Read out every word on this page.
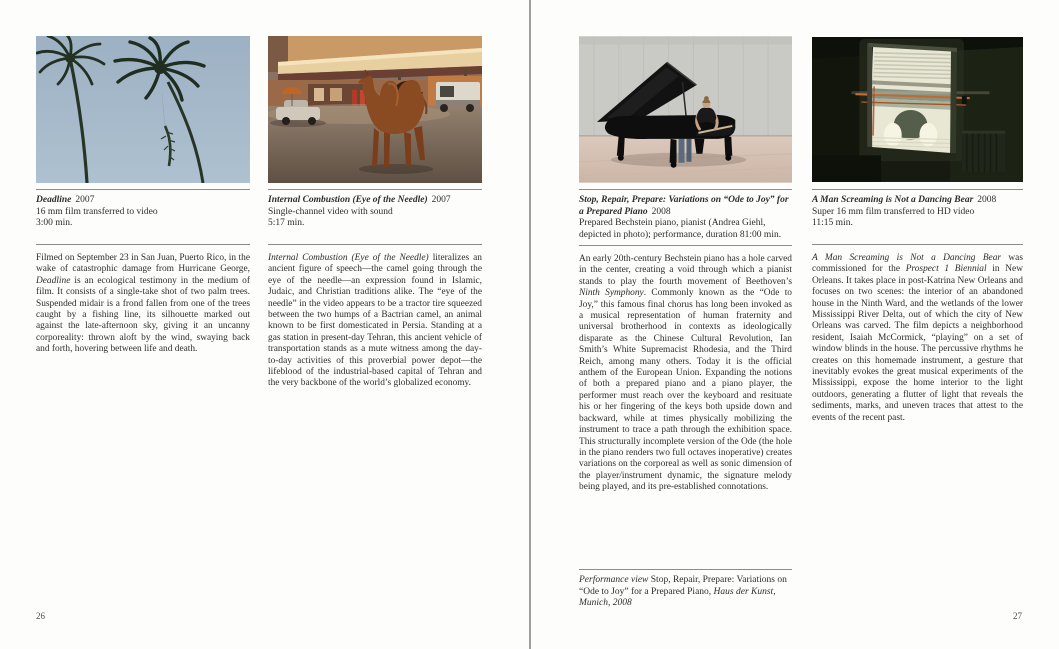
Deadline 2007
16 mm film transferred to video
3:00 min.

Filmed on September 23 in San Juan, Puerto Rico, in the wake of catastrophic damage from Hurricane George, Deadline is an ecological testimony in the medium of film. It consists of a single-take shot of two palm trees. Suspended midair is a frond fallen from one of the trees caught by a fishing line, its silhouette marked out against the late-afternoon sky, giving it an uncanny corporeality: thrown aloft by the wind, swaying back and forth, hovering between life and death.

Internal Combustion (Eye of the Needle) 2007
Single-channel video with sound
5:17 min.

Internal Combustion (Eye of the Needle) literalizes an ancient figure of speech—the camel going through the eye of the needle—an expression found in Islamic, Judaic, and Christian traditions alike. The “eye of the needle” in the video appears to be a tractor tire squeezed between the two humps of a Bactrian camel, an animal known to be first domesticated in Persia. Standing at a gas station in present-day Tehran, this ancient vehicle of transportation stands as a mute witness among the day-to-day activities of this proverbial power depot—the lifeblood of the industrial-based capital of Tehran and the very backbone of the world’s globalized economy.

Stop, Repair, Prepare: Variations on “Ode to Joy” for a Prepared Piano 2008
Prepared Bechstein piano, pianist (Andrea Giehl, depicted in photo); performance, duration 81:00 min.

An early 20th-century Bechstein piano has a hole carved in the center, creating a void through which a pianist stands to play the fourth movement of Beethoven’s Ninth Symphony. Commonly known as the “Ode to Joy,” this famous final chorus has long been invoked as a musical representation of human fraternity and universal brotherhood in contexts as ideologically disparate as the Chinese Cultural Revolution, Ian Smith’s White Supremacist Rhodesia, and the Third Reich, among many others. Today it is the official anthem of the European Union. Expanding the notions of both a prepared piano and a piano player, the performer must reach over the keyboard and resituate his or her fingering of the keys both upside down and backward, while at times physically mobilizing the instrument to trace a path through the exhibition space. This structurally incomplete version of the Ode (the hole in the piano renders two full octaves inoperative) creates variations on the corporeal as well as sonic dimension of the player/instrument dynamic, the signature melody being played, and its pre-established connotations.

Performance view Stop, Repair, Prepare: Variations on “Ode to Joy” for a Prepared Piano, Haus der Kunst, Munich, 2008
A Man Screaming is Not a Dancing Bear 2008
Super 16 mm film transferred to HD video
11:15 min.

A Man Screaming is Not a Dancing Bear was commissioned for the Prospect 1 Biennial in New Orleans. It takes place in post-Katrina New Orleans and focuses on two scenes: the interior of an abandoned house in the Ninth Ward, and the wetlands of the lower Mississippi River Delta, out of which the city of New Orleans was carved. The film depicts a neighborhood resident, Isaiah McCormick, “playing” on a set of window blinds in the house. The percussive rhythms he creates on this homemade instrument, a gesture that inevitably evokes the great musical experiments of the Mississippi, expose the home interior to the light outdoors, generating a flutter of light that reveals the sediments, marks, and uneven traces that attest to the events of the recent past.

26	27
